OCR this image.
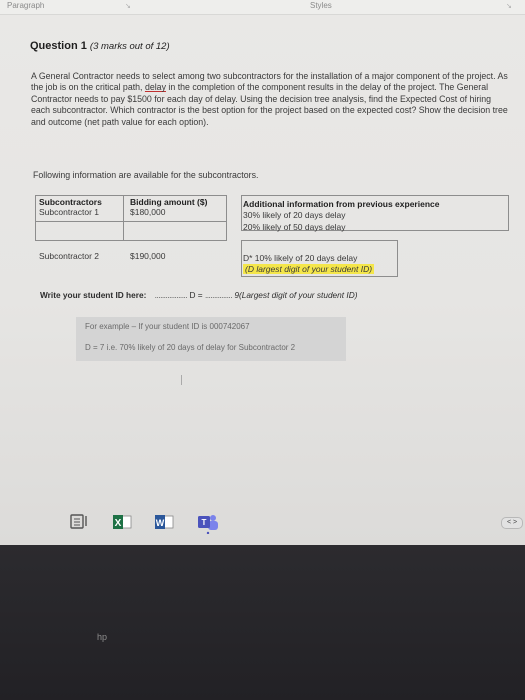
Paragraph	↘	Styles	↘
Question 1 (3 marks out of 12)
A General Contractor needs to select among two subcontractors for the installation of a major component of the project. As the job is on the critical path, delay in the completion of the component results in the delay of the project. The General Contractor needs to pay $1500 for each day of delay. Using the decision tree analysis, find the Expected Cost of hiring each subcontractor. Which contractor is the best option for the project based on the expected cost? Show the decision tree and outcome (net path value for each option).
Following information are available for the subcontractors.
Subcontractors	Bidding amount ($)	Additional information from previous experience
Subcontractor 1	$180,000	30% likely of 20 days delay
20% likely of 50 days delay
Subcontractor 2	$190,000	D* 10% likely of 20 days delay
(D largest digit of your student ID)
Write your student ID here: .................. D = ............... 9(Largest digit of your student ID)
For example – If your student ID is 000742067
D = 7 i.e. 70% likely of 20 days of delay for Subcontractor 2
X	W	T	< >
hp
